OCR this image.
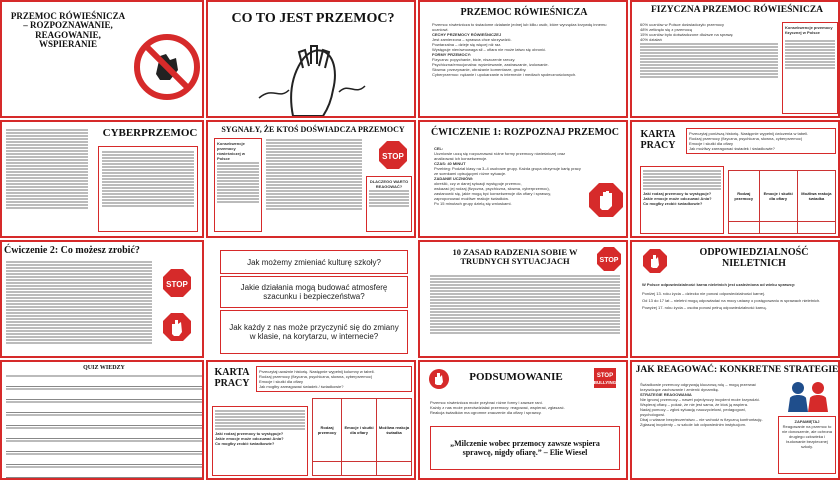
PRZEMOC RÓWIEŚNICZA
– ROZPOZNAWANIE, REAGOWANIE, WSPIERANIE
CO TO JEST PRZEMOC?	PRZEMOC RÓWIEŚNICZA
Przemoc rówieśnicza to świadome działanie jednej lub kilku osób, które wyrządza krzywdę innemu uczniowi.
CECHY PRZEMOCY RÓWIEŚNICZEJ
Jest zamierzona – sprawca chce skrzywdzić.
Powtarzalna – dzieje się więcej niż raz.
Występuje nierównowaga sił – ofiara nie może łatwo się obronić.
FORMY PRZEMOCY:
Fizyczna: popychanie, bicie, niszczenie rzeczy.
Psychiczna/emocjonalna: wyśmiewanie, zastraszanie, izolowanie.
Słowna: przezywanie, obrażanie komentarze, groźby.
Cyberprzemoc: nękanie i upokarzanie w internecie i mediach społecznościowych.
FIZYCZNA PRZEMOC RÓWIEŚNICZA
60% uczniów w Polsce doświadczyło przemocy
48% zetknęło się z przemocą
15% uczniów było doświadczone dłuższe na sprawę
40% działań
Konsekwencje przemocy fizycznej w Polsce
CYBERPRZEMOC	SYGNAŁY, ŻE KTOŚ DOŚWIADCZA PRZEMOCY
Konsekwencje przemocy rówieśniczej w Polsce	STOP
DLACZEGO WARTO REAGOWAĆ?
ĆWICZENIE 1: ROZPOZNAJ PRZEMOC
CEL:
Uczniowie uczą się rozpoznawać różne formy przemocy rówieśniczej oraz analizować ich konsekwencje.
CZAS: 40 MINUT
Przebieg: Podział klasy na 3–4 osobowe grupy. Każda grupa otrzymuje kartę pracy ze scenkami opisującymi różne sytuacje.
ZADANIE UCZNIÓW:
określić, czy w danej sytuacji występuje przemoc,
wskazać jej rodzaj (fizyczna, psychiczna, słowna, cyberprzemoc),
zastanowić się, jakie mogą być konsekwencje dla ofiary i sprawcy,
zaproponować możliwe reakcje świadków.
Po 15 minutach grupy dzielą się wnioskami.
KARTA PRACY
Przeczytaj poniższą historię. Następnie wypełnij ćwiczenia w tabeli.
Rodzaj przemocy (fizyczna, psychiczna, słowna, cyberprzemoc)
Emocje i skutki dla ofiary
Jak możliwy zareagować świadek / świadkowie?
Jaki rodzaj przemocy tu występuje?
Jakie emocje może odczuwać Ania?
Co mogłby zrobić świadkowie?
Rodzaj przemocy	Emocje i skutki dla ofiary	Możliwa reakcja świadka

Ćwiczenie 2: Co możesz zrobić?
STOP
Jak możemy zmieniać kulturę szkoły?
Jakie działania mogą budować atmosferę szacunku i bezpieczeństwa?
Jak każdy z nas może przyczynić się do zmiany w klasie, na korytarzu, w internecie?
10 ZASAD RADZENIA SOBIE W TRUDNYCH SYTUACJACH	STOP
ODPOWIEDZIALNOŚĆ NIELETNICH
W Polsce odpowiedzialność karna nieletnich jest uzależniona od wieku sprawcy:
Poniżej 13. roku życia – dziecko nie ponosi odpowiedzialności karnej.
Od 13 do 17 lat – nieletni mogą odpowiadać na mocy ustawy o postępowaniu w sprawach nieletnich.
Powyżej 17. roku życia – osoba ponosi pełną odpowiedzialność karną.
QUIZ WIEDZY	KARTA PRACY
Przeczytaj uważnie historię. Następnie wypełnij kolumny w tabeli.
Rodzaj przemocy (fizyczna, psychiczna, słowna, cyberprzemoc)
Emocje i skutki dla ofiary
Jak mogłby zareagować świadek / świadkowie?
Jaki rodzaj przemocy tu występuje?
Jakie emocje może odczuwać Ania?
Co mogłby zrobić świadkowie?
Rodzaj przemocy	Emocje i skutki dla ofiary	Możliwa reakcja świadka

PODSUMOWANIE	STOP
BULLYING
Przemoc rówieśnicza może przybrać różne formy i zawsze rani.
Każdy z nas może przeciwdziałać przemocy: reagować, wspierać, zgłaszać.
Reakcja świadków ma ogromne znaczenie dla ofiary i sprawcy.
„Milczenie wobec przemocy zawsze wspiera sprawcę, nigdy ofiarę.” – Elie Wiesel
JAK REAGOWAĆ: KONKRETNE STRATEGIE
Świadkowie przemocy odgrywają kluczową rolę – mogą przerwać krzywdzące zachowanie i zmienić dynamikę.
STRATEGIE REAGOWANIA
Nie ignoruj przemocy – nawet pojedynczy incydent może krzywdzić.
Wspieraj ofiarę – pokaż, że nie jest sama, że ktoś ją wspiera.
Nadaj pomocy – zgłoś sytuację nauczycielowi, pedagogowi, psychologowi.
Dbaj o własne bezpieczeństwo – nie wchodź w fizyczną konfrontację.
Zgłaszaj incydenty – w szkole lub odpowiednim instytucjom.
ZAPAMIĘTAJ
Reagowanie na przemoc to nie donoszenie, ale ochrona drugiego człowieka i budowanie bezpiecznej szkoły.
